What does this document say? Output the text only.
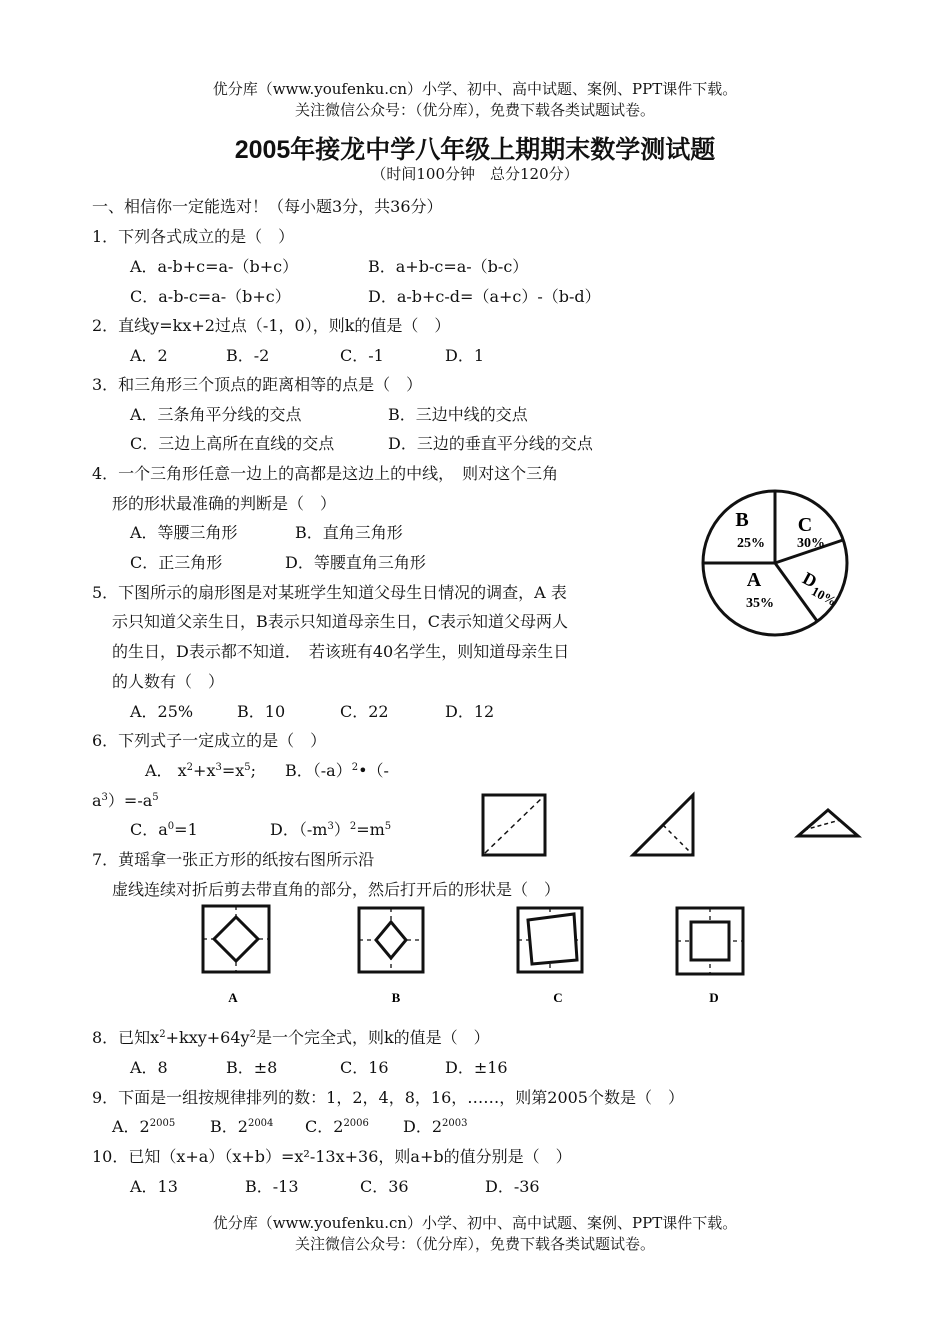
优分库（www.youfenku.cn）小学、初中、高中试题、案例、PPT课件下载。
关注微信公众号：（优分库），免费下载各类试题试卷。
2005年接龙中学八年级上期期末数学测试题
（时间100分钟　总分120分）
一、相信你一定能选对！（每小题3分，共36分）
1．下列各式成立的是（　）
A．a-b+c=a-（b+c）	B．a+b-c=a-（b-c）
C．a-b-c=a-（b+c）	D．a-b+c-d=（a+c）-（b-d）
2．直线y=kx+2过点（-1，0），则k的值是（　）
A．2	B．-2	C．-1	D．1
3．和三角形三个顶点的距离相等的点是（　）
A．三条角平分线的交点	B．三边中线的交点
C．三边上高所在直线的交点	D．三边的垂直平分线的交点
4．一个三角形任意一边上的高都是这边上的中线，　则对这个三角
形的形状最准确的判断是（　）
A．等腰三角形	B．直角三角形
C．正三角形	D．等腰直角三角形
B
25%
C
30%
A
35%
D
10%
5．下图所示的扇形图是对某班学生知道父母生日情况的调查，A 表
示只知道父亲生日，B表示只知道母亲生日，C表示知道父母两人
的生日，D表示都不知道．　若该班有40名学生，则知道母亲生日
的人数有（　）
A．25%	B．10	C．22	D．12
6．下列式子一定成立的是（　）
A． $x^2+x^3=x^5$; B．$(-a)^2•(-$
$a^3)=-a^5$
C．$a^0=1$	D．$(-m^3)^2=m^5$
7．黄瑶拿一张正方形的纸按右图所示沿
虚线连续对折后剪去带直角的部分，然后打开后的形状是（　）
A	B	C	D
8．已知$x^2+kxy+64y^2$是一个完全式，则k的值是（　）
A．8	B．±8	C．16	D．±16
9．下面是一组按规律排列的数：1，2，4，8，16，……，则第2005个数是（　）
A．$2^{2005}$ B．$2^{2004}$ C．$2^{2006}$ D．$2^{2003}$
10．已知（x+a）（x+b）=x²-13x+36，则a+b的值分别是（　）
A．13	B．-13	C．36	D．-36
优分库（www.youfenku.cn）小学、初中、高中试题、案例、PPT课件下载。
关注微信公众号：（优分库），免费下载各类试题试卷。
